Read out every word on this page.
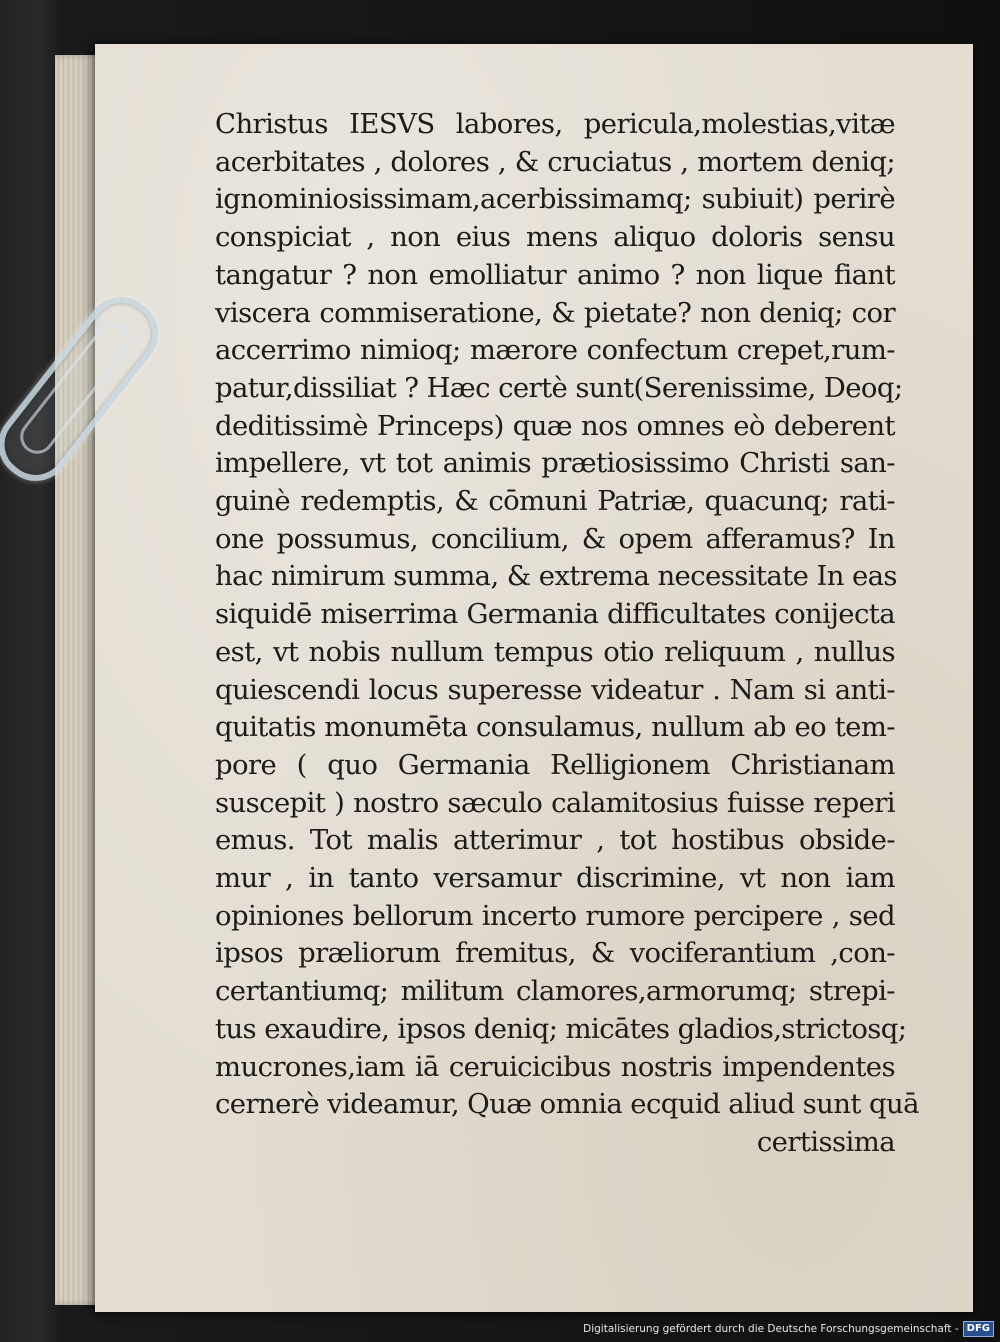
Christus IESVS labores, pericula,molestias,vitæ
acerbitates , dolores , & cruciatus , mortem deniq;
ignominiosissimam,acerbissimamq; subiuit) perirè
conspiciat , non eius mens aliquo doloris sensu
tangatur ? non emolliatur animo ? non lique fiant
viscera commiseratione, & pietate? non deniq; cor
accerrimo nimioq; mærore confectum crepet,rum-
patur,dissiliat ? Hæc certè sunt(Serenissime, Deoq;
deditissimè Princeps) quæ nos omnes eò deberent
impellere, vt tot animis prætiosissimo Christi san-
guinè redemptis, & cōmuni Patriæ, quacunq; rati-
one possumus, concilium, & opem afferamus? In
hac nimirum summa, & extrema necessitate In eas
siquidē miserrima Germania difficultates conijecta
est, vt nobis nullum tempus otio reliquum , nullus
quiescendi locus superesse videatur . Nam si anti-
quitatis monumēta consulamus, nullum ab eo tem-
pore ( quo Germania Relligionem Christianam
suscepit ) nostro sæculo calamitosius fuisse reperi
emus. Tot malis atterimur , tot hostibus obside-
mur , in tanto versamur discrimine, vt non iam
opiniones bellorum incerto rumore percipere , sed
ipsos præliorum fremitus, & vociferantium ,con-
certantiumq; militum clamores,armorumq; strepi-
tus exaudire, ipsos deniq; micātes gladios,strictosq;
mucrones,iam iā ceruicicibus nostris impendentes
cernerè videamur, Quæ omnia ecquid aliud sunt quā
certissima
Digitalisierung gefördert durch die Deutsche Forschungsgemeinschaft - DFG
